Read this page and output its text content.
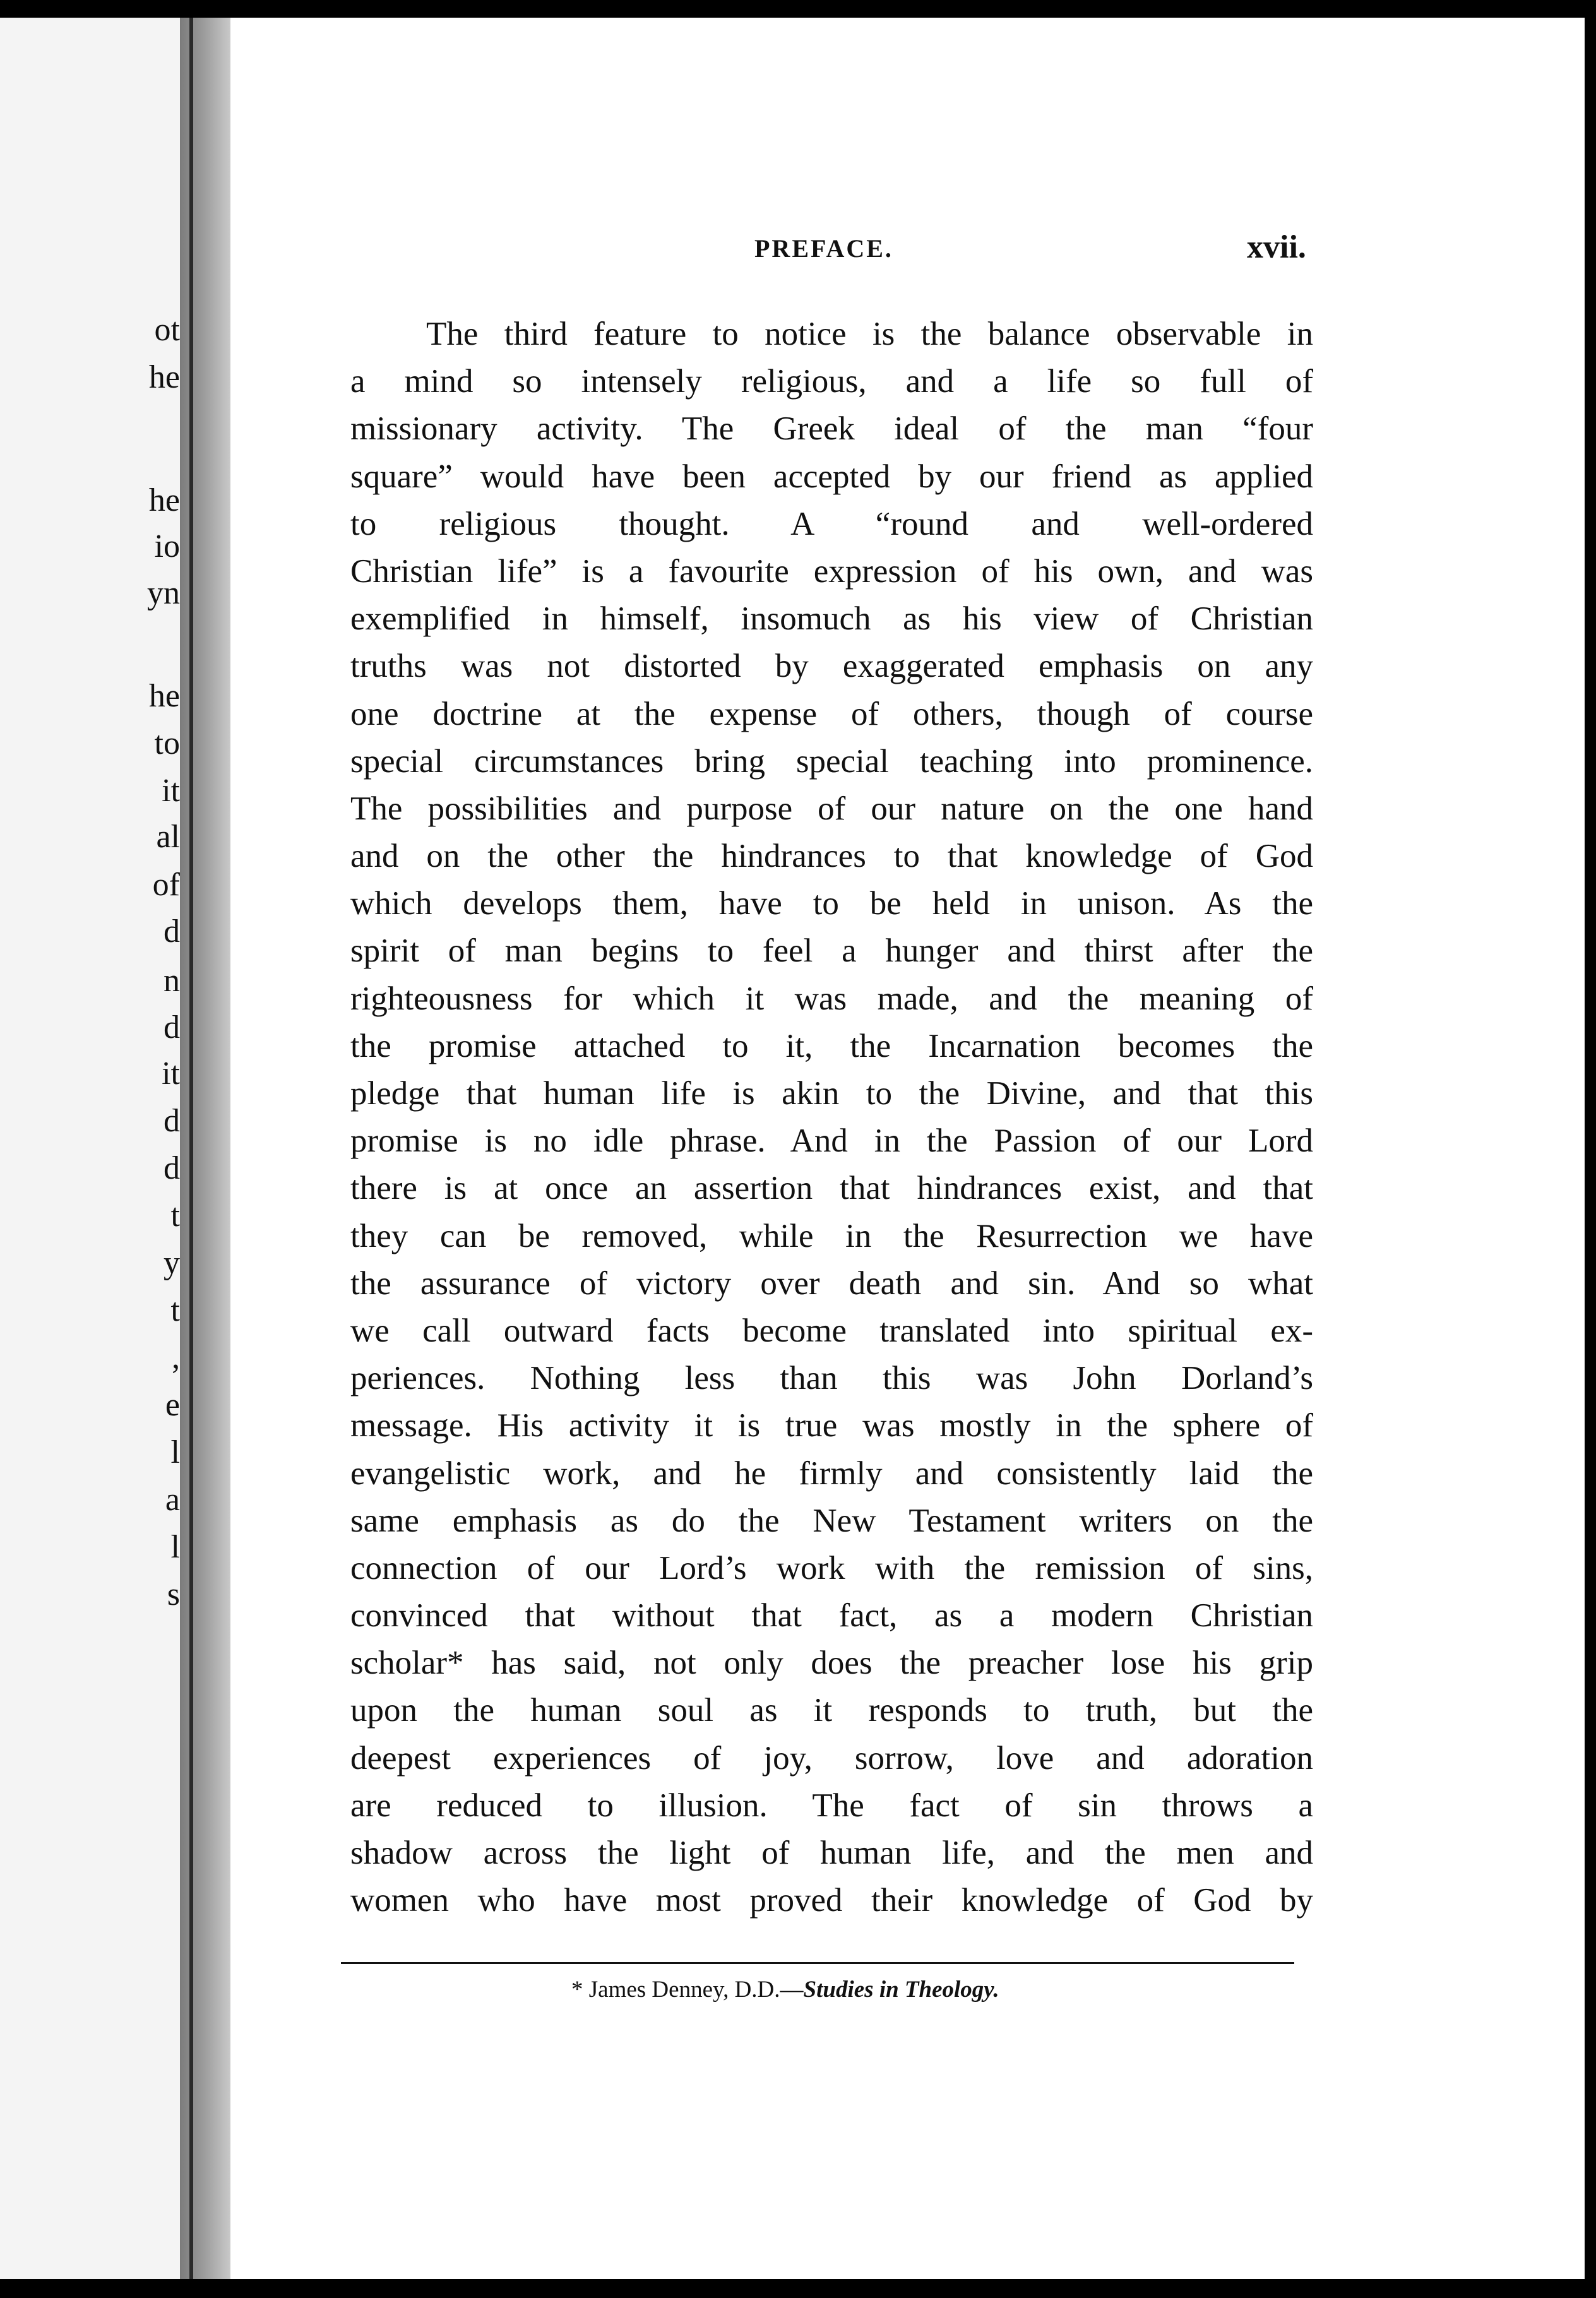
ot
he
he
io
yn
he
to
it
al
of
d
n
d
it
d
d
t
y
t
,
e
l
a
l
s
PREFACE.	xvii.
The third feature to notice is the balance observable in
a mind so intensely religious, and a life so full of
missionary activity. The Greek ideal of the man “four
square” would have been accepted by our friend as applied
to religious thought. A “round and well-ordered
Christian life” is a favourite expression of his own, and was
exemplified in himself, insomuch as his view of Christian
truths was not distorted by exaggerated emphasis on any
one doctrine at the expense of others, though of course
special circumstances bring special teaching into prominence.
The possibilities and purpose of our nature on the one hand
and on the other the hindrances to that knowledge of God
which develops them, have to be held in unison. As the
spirit of man begins to feel a hunger and thirst after the
righteousness for which it was made, and the meaning of
the promise attached to it, the Incarnation becomes the
pledge that human life is akin to the Divine, and that this
promise is no idle phrase. And in the Passion of our Lord
there is at once an assertion that hindrances exist, and that
they can be removed, while in the Resurrection we have
the assurance of victory over death and sin. And so what
we call outward facts become translated into spiritual ex-
periences. Nothing less than this was John Dorland’s
message. His activity it is true was mostly in the sphere of
evangelistic work, and he firmly and consistently laid the
same emphasis as do the New Testament writers on the
connection of our Lord’s work with the remission of sins,
convinced that without that fact, as a modern Christian
scholar* has said, not only does the preacher lose his grip
upon the human soul as it responds to truth, but the
deepest experiences of joy, sorrow, love and adoration
are reduced to illusion. The fact of sin throws a
shadow across the light of human life, and the men and
women who have most proved their knowledge of God by
* James Denney, D.D.—Studies in Theology.
